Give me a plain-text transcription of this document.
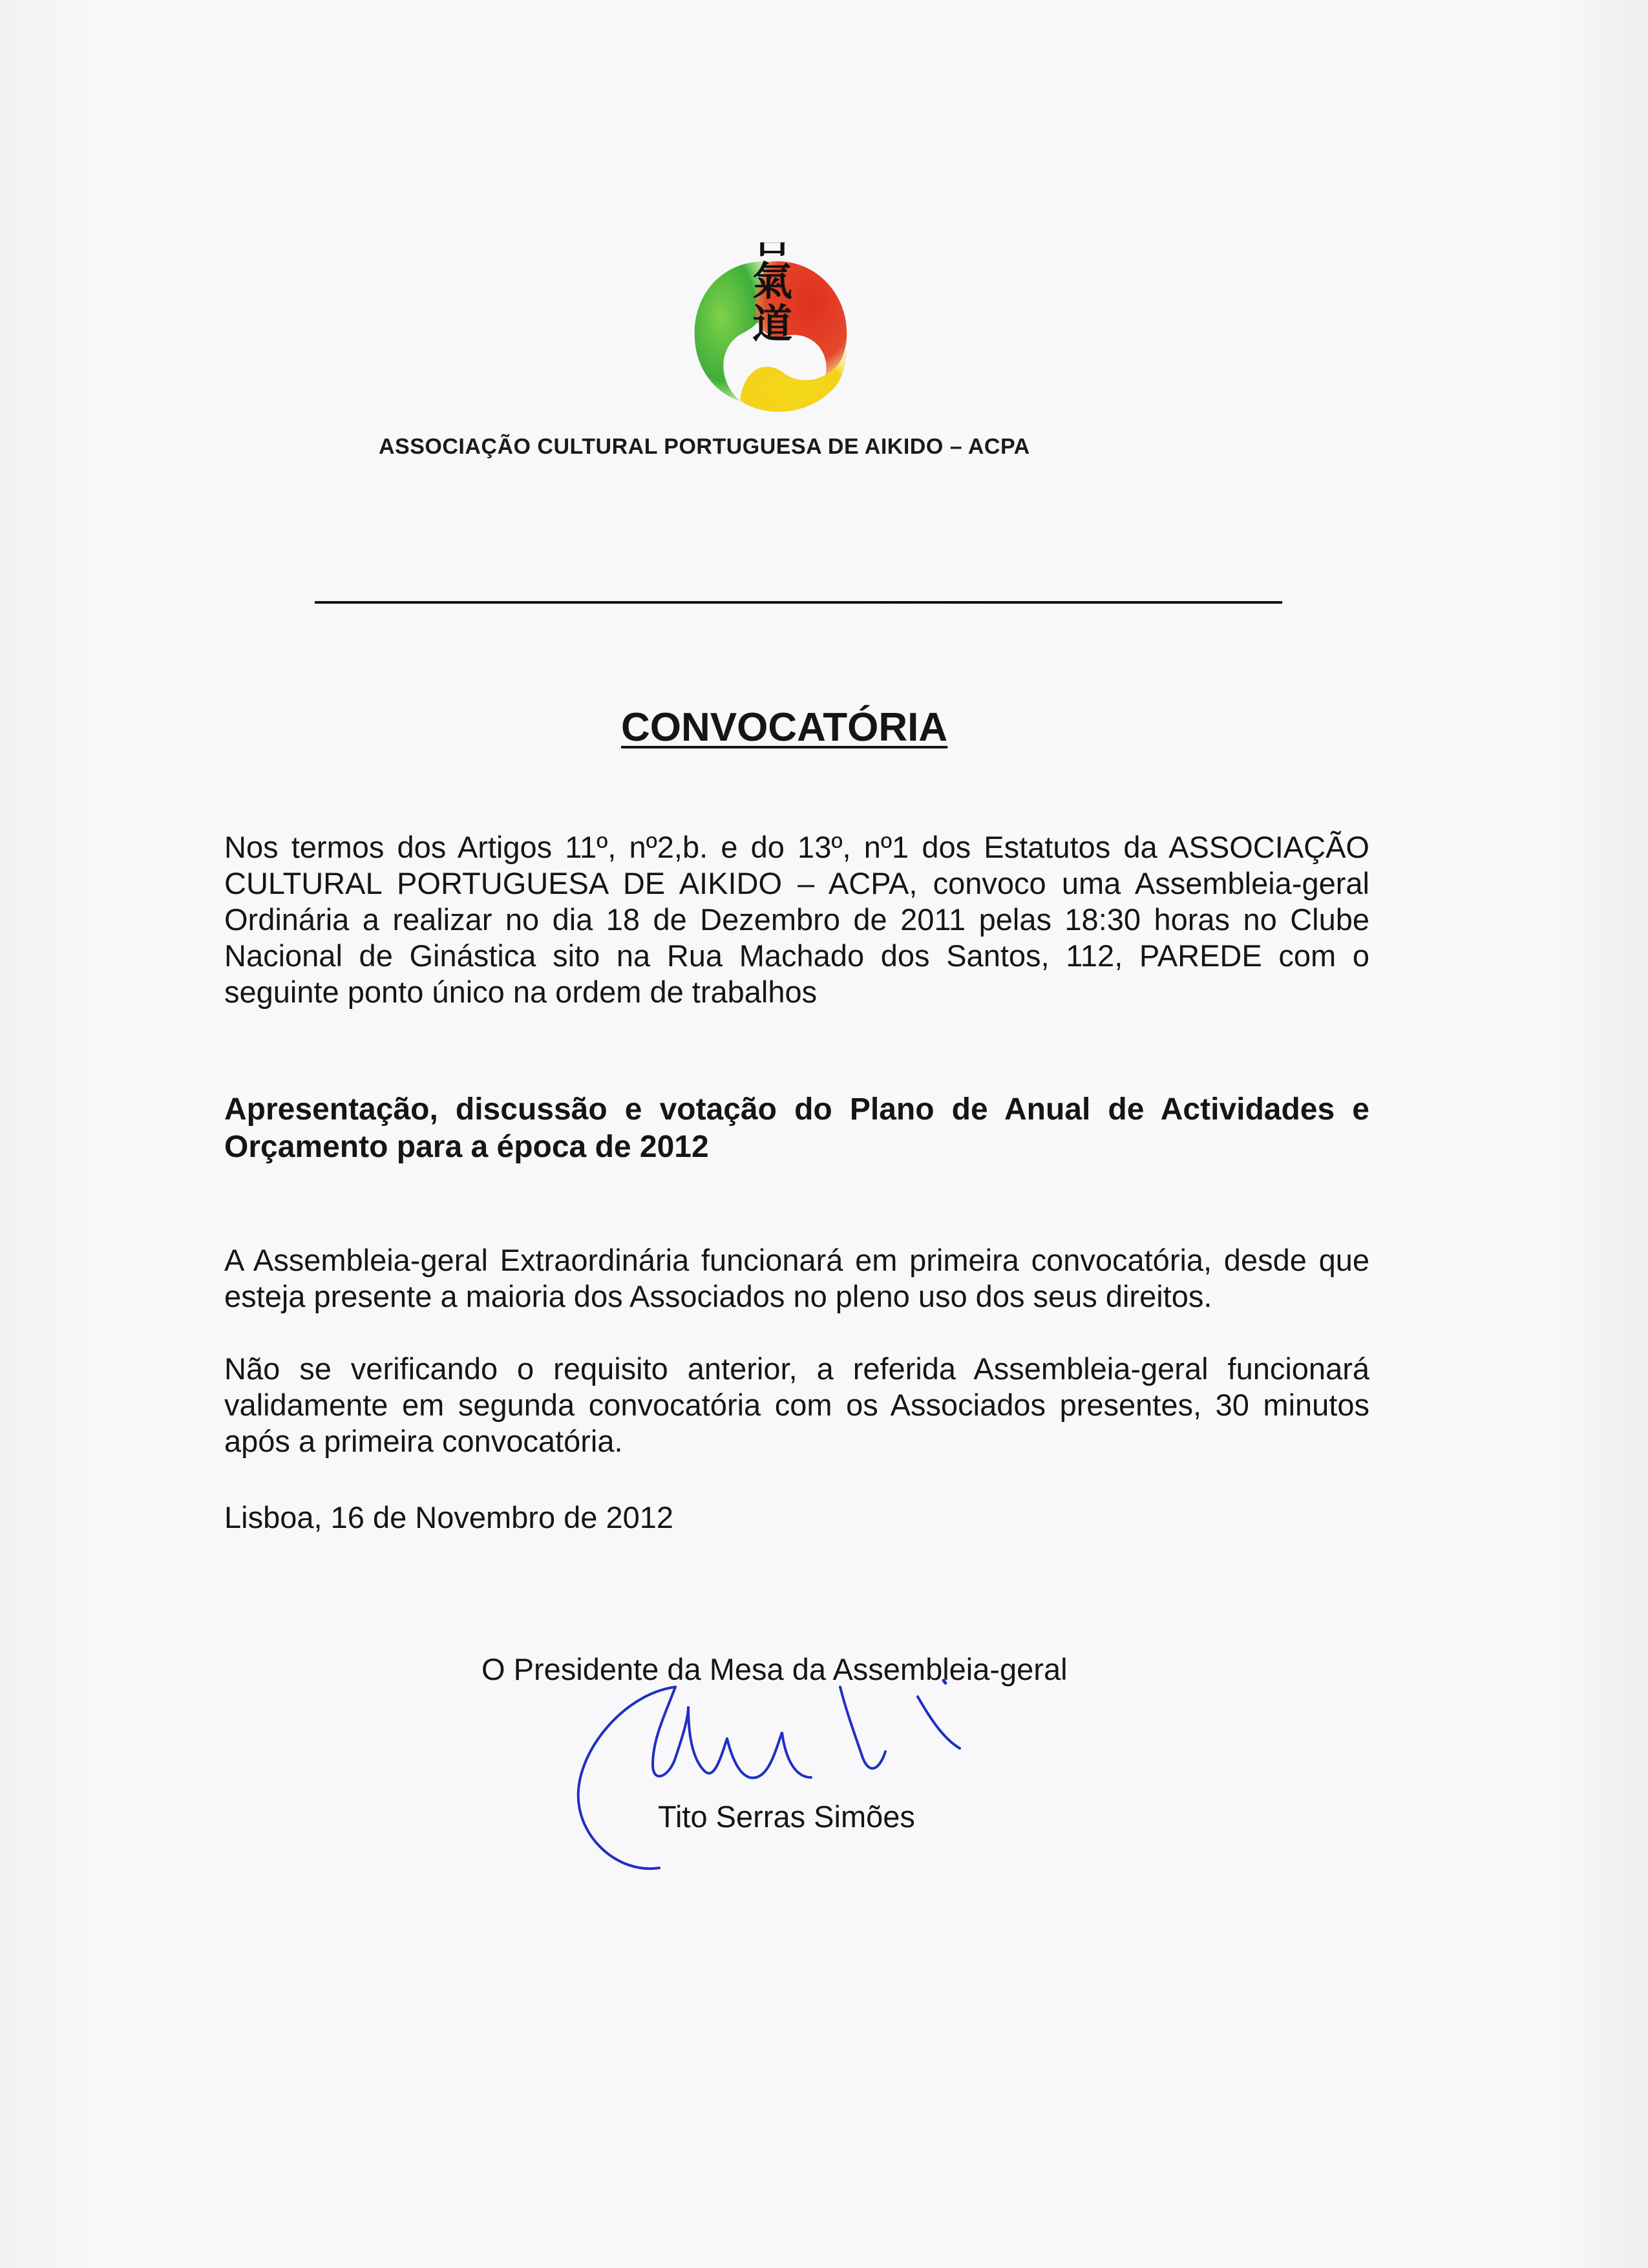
合氣道
ASSOCIAÇÃO CULTURAL PORTUGUESA DE AIKIDO – ACPA
CONVOCATÓRIA
Nos termos dos Artigos 11º, nº2,b. e do 13º, nº1 dos Estatutos da ASSOCIAÇÃO CULTURAL PORTUGUESA DE AIKIDO – ACPA, convoco uma Assembleia-geral Ordinária a realizar no dia 18 de Dezembro de 2011 pelas 18:30 horas no Clube Nacional de Ginástica sito na Rua Machado dos Santos, 112, PAREDE com o seguinte ponto único na ordem de trabalhos
Apresentação, discussão e votação do Plano de Anual de Actividades e Orçamento para a época de 2012
A Assembleia-geral Extraordinária funcionará em primeira convocatória, desde que esteja presente a maioria dos Associados no pleno uso dos seus direitos.
Não se verificando o requisito anterior, a referida Assembleia-geral funcionará validamente em segunda convocatória com os Associados presentes, 30 minutos após a primeira convocatória.
Lisboa, 16 de Novembro de 2012
O Presidente da Mesa da Assembleia-geral
Tito Serras Simões
